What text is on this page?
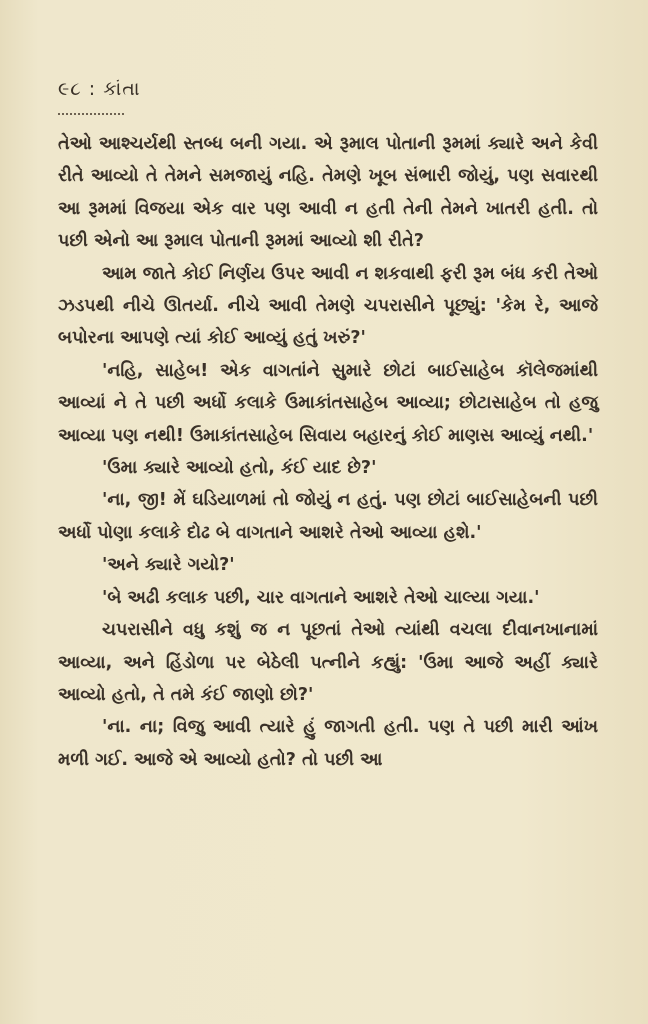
૯૮ : કાંતા

તેઓ આશ્ચર્યથી સ્તબ્ધ બની ગયા. એ રૂમાલ પોતાની રૂમમાં ક્યારે અને કેવી રીતે આવ્યો તે તેમને સમજાયું નહિ. તેમણે ખૂબ સંભારી જોયું, પણ સવારથી આ રૂમમાં વિજયા એક વાર પણ આવી ન હતી તેની તેમને ખાતરી હતી. તો પછી એનો આ રૂમાલ પોતાની રૂમમાં આવ્યો શી રીતે?

આમ જાતે કોઈ નિર્ણય ઉપર આવી ન શકવાથી ફરી રૂમ બંધ કરી તેઓ ઝડપથી નીચે ઊતર્યા. નીચે આવી તેમણે ચપરાસીને પૂછ્યું: 'કેમ રે, આજે બપોરના આપણે ત્યાં કોઈ આવ્યું હતું ખરું?'

'નહિ, સાહેબ! એક વાગતાંને સુમારે છોટાં બાઈસાહેબ કૉલેજમાંથી આવ્યાં ને તે પછી અર્ધો કલાકે ઉમાકાંતસાહેબ આવ્યા; છોટાસાહેબ તો હજુ આવ્યા પણ નથી! ઉમાકાંતસાહેબ સિવાય બહારનું કોઈ માણસ આવ્યું નથી.'

'ઉમા ક્યારે આવ્યો હતો, કંઈ યાદ છે?'

'ના, જી! મેં ઘડિયાળમાં તો જોયું ન હતું. પણ છોટાં બાઈસાહેબની પછી અર્ધો પોણા કલાકે દોઢ બે વાગતાને આશરે તેઓ આવ્યા હશે.'

'અને ક્યારે ગયો?'

'બે અઢી કલાક પછી, ચાર વાગતાને આશરે તેઓ ચાલ્યા ગયા.'

ચપરાસીને વધુ કશું જ ન પૂછતાં તેઓ ત્યાંથી વચલા દીવાનખાનામાં આવ્યા, અને હિંડોળા પર બેઠેલી પત્નીને કહ્યું: 'ઉમા આજે અહીં ક્યારે આવ્યો હતો, તે તમે કંઈ જાણો છો?'

'ના. ના; વિજુ આવી ત્યારે હું જાગતી હતી. પણ તે પછી મારી આંખ મળી ગઈ. આજે એ આવ્યો હતો? તો પછી આ
